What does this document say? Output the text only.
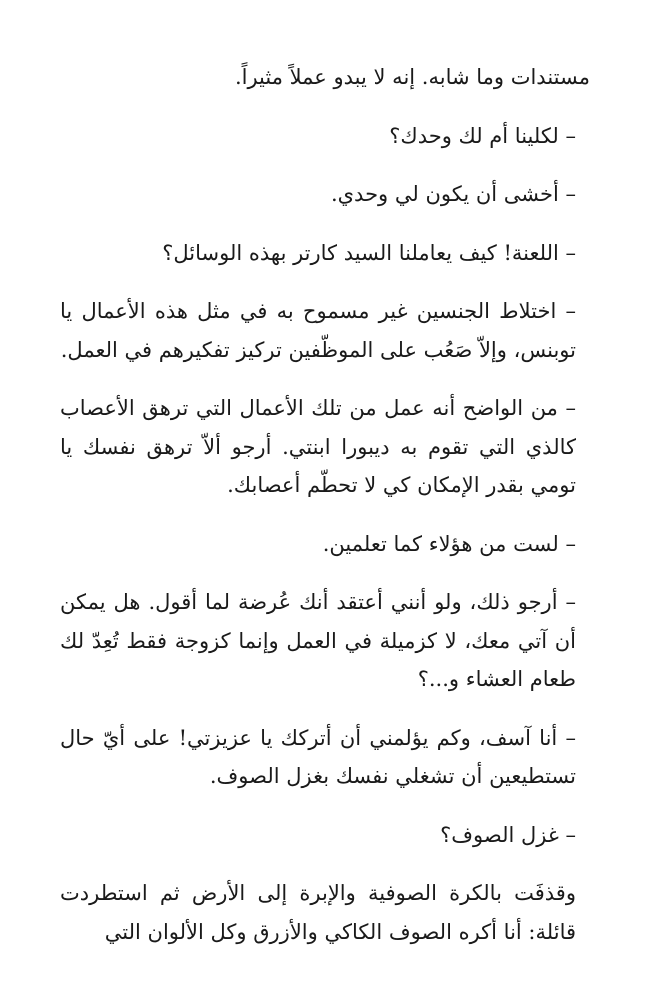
مستندات وما شابه. إنه لا يبدو عملاً مثيراً.

– لكلينا أم لك وحدك؟

– أخشى أن يكون لي وحدي.

– اللعنة! كيف يعاملنا السيد كارتر بهذه الوسائل؟

– اختلاط الجنسين غير مسموح به في مثل هذه الأعمال يا توبنس، وإلاّ صَعُب على الموظّفين تركيز تفكيرهم في العمل.

– من الواضح أنه عمل من تلك الأعمال التي ترهق الأعصاب كالذي التي تقوم به ديبورا ابنتي. أرجو ألاّ ترهق نفسك يا تومي بقدر الإمكان كي لا تحطّم أعصابك.

– لست من هؤلاء كما تعلمين.

– أرجو ذلك، ولو أنني أعتقد أنك عُرضة لما أقول. هل يمكن أن آتي معك، لا كزميلة في العمل وإنما كزوجة فقط تُعِدّ لك طعام العشاء و...؟

– أنا آسف، وكم يؤلمني أن أتركك يا عزيزتي! على أيّ حال تستطيعين أن تشغلي نفسك بغزل الصوف.

– غزل الصوف؟

وقذفَت بالكرة الصوفية والإبرة إلى الأرض ثم استطردت قائلة: أنا أكره الصوف الكاكي والأزرق وكل الألوان التي
